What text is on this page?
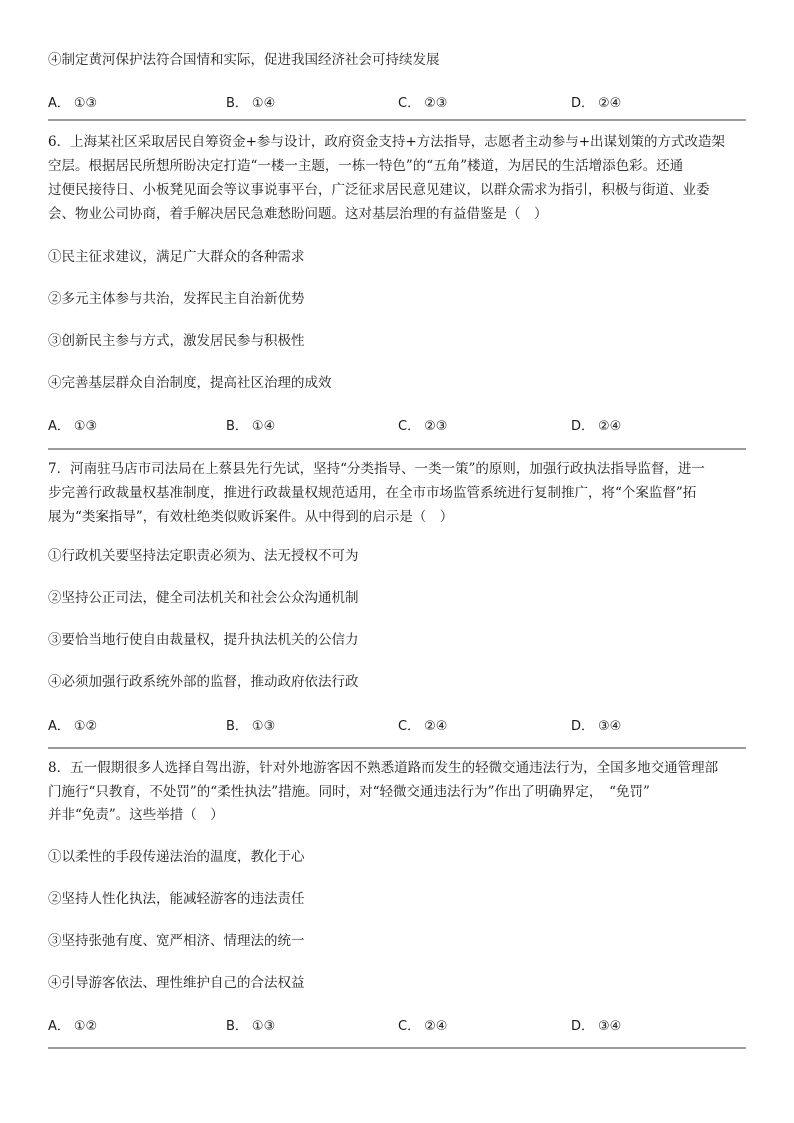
④制定黄河保护法符合国情和实际，促进我国经济社会可持续发展
A． ①③	B． ①④	C． ②③	D． ②④
6．上海某社区采取居民自筹资金+参与设计，政府资金支持+方法指导，志愿者主动参与+出谋划策的方式改造架
空层。根据居民所想所盼决定打造“一楼一主题，一栋一特色”的“五角”楼道，为居民的生活增添色彩。还通
过便民接待日、小板凳见面会等议事说事平台，广泛征求居民意见建议，以群众需求为指引，积极与街道、业委
会、物业公司协商，着手解决居民急难愁盼问题。这对基层治理的有益借鉴是（　）
①民主征求建议，满足广大群众的各种需求
②多元主体参与共治，发挥民主自治新优势
③创新民主参与方式，激发居民参与积极性
④完善基层群众自治制度，提高社区治理的成效
A． ①③	B． ①④	C． ②③	D． ②④
7．河南驻马店市司法局在上蔡县先行先试，坚持“分类指导、一类一策”的原则，加强行政执法指导监督，进一
步完善行政裁量权基准制度，推进行政裁量权规范适用，在全市市场监管系统进行复制推广，将“个案监督”拓
展为“类案指导”，有效杜绝类似败诉案件。从中得到的启示是（　）
①行政机关要坚持法定职责必须为、法无授权不可为
②坚持公正司法，健全司法机关和社会公众沟通机制
③要恰当地行使自由裁量权，提升执法机关的公信力
④必须加强行政系统外部的监督，推动政府依法行政
A． ①②	B． ①③	C． ②④	D． ③④
8．五一假期很多人选择自驾出游，针对外地游客因不熟悉道路而发生的轻微交通违法行为，全国多地交通管理部
门施行“只教育，不处罚”的“柔性执法”措施。同时，对“轻微交通违法行为”作出了明确界定，　“免罚”
并非“免责”。这些举措（　）
①以柔性的手段传递法治的温度，教化于心
②坚持人性化执法，能减轻游客的违法责任
③坚持张弛有度、宽严相济、情理法的统一
④引导游客依法、理性维护自己的合法权益
A． ①②	B． ①③	C． ②④	D． ③④
